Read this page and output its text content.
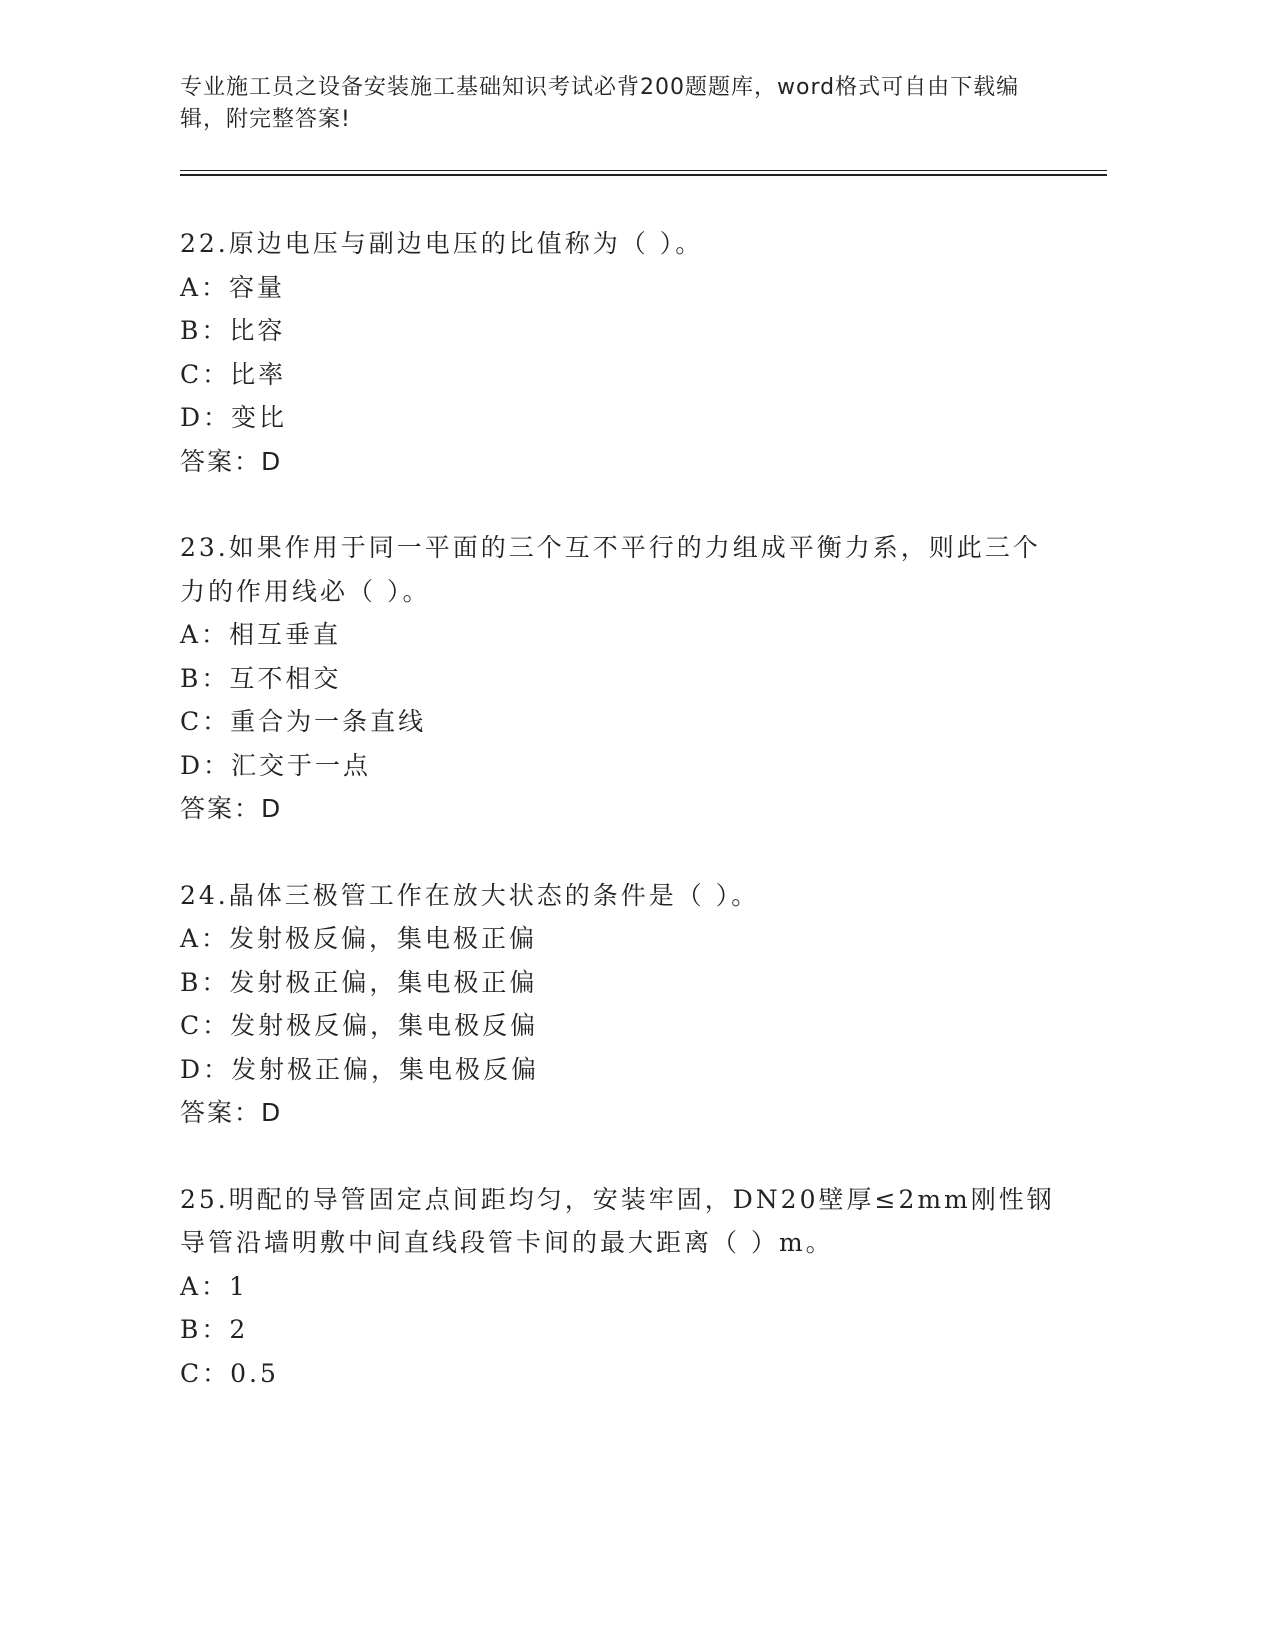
专业施工员之设备安装施工基础知识考试必背200题题库，word格式可自由下载编辑，附完整答案!
22.原边电压与副边电压的比值称为（ ）。
A：容量
B：比容
C：比率
D：变比
答案：D
23.如果作用于同一平面的三个互不平行的力组成平衡力系，则此三个力的作用线必（ ）。
A：相互垂直
B：互不相交
C：重合为一条直线
D：汇交于一点
答案：D
24.晶体三极管工作在放大状态的条件是（ ）。
A：发射极反偏，集电极正偏
B：发射极正偏，集电极正偏
C：发射极反偏，集电极反偏
D：发射极正偏，集电极反偏
答案：D
25.明配的导管固定点间距均匀，安装牢固，DN20壁厚≤2mm刚性钢导管沿墙明敷中间直线段管卡间的最大距离（ ）m。
A：1
B：2
C：0.5
